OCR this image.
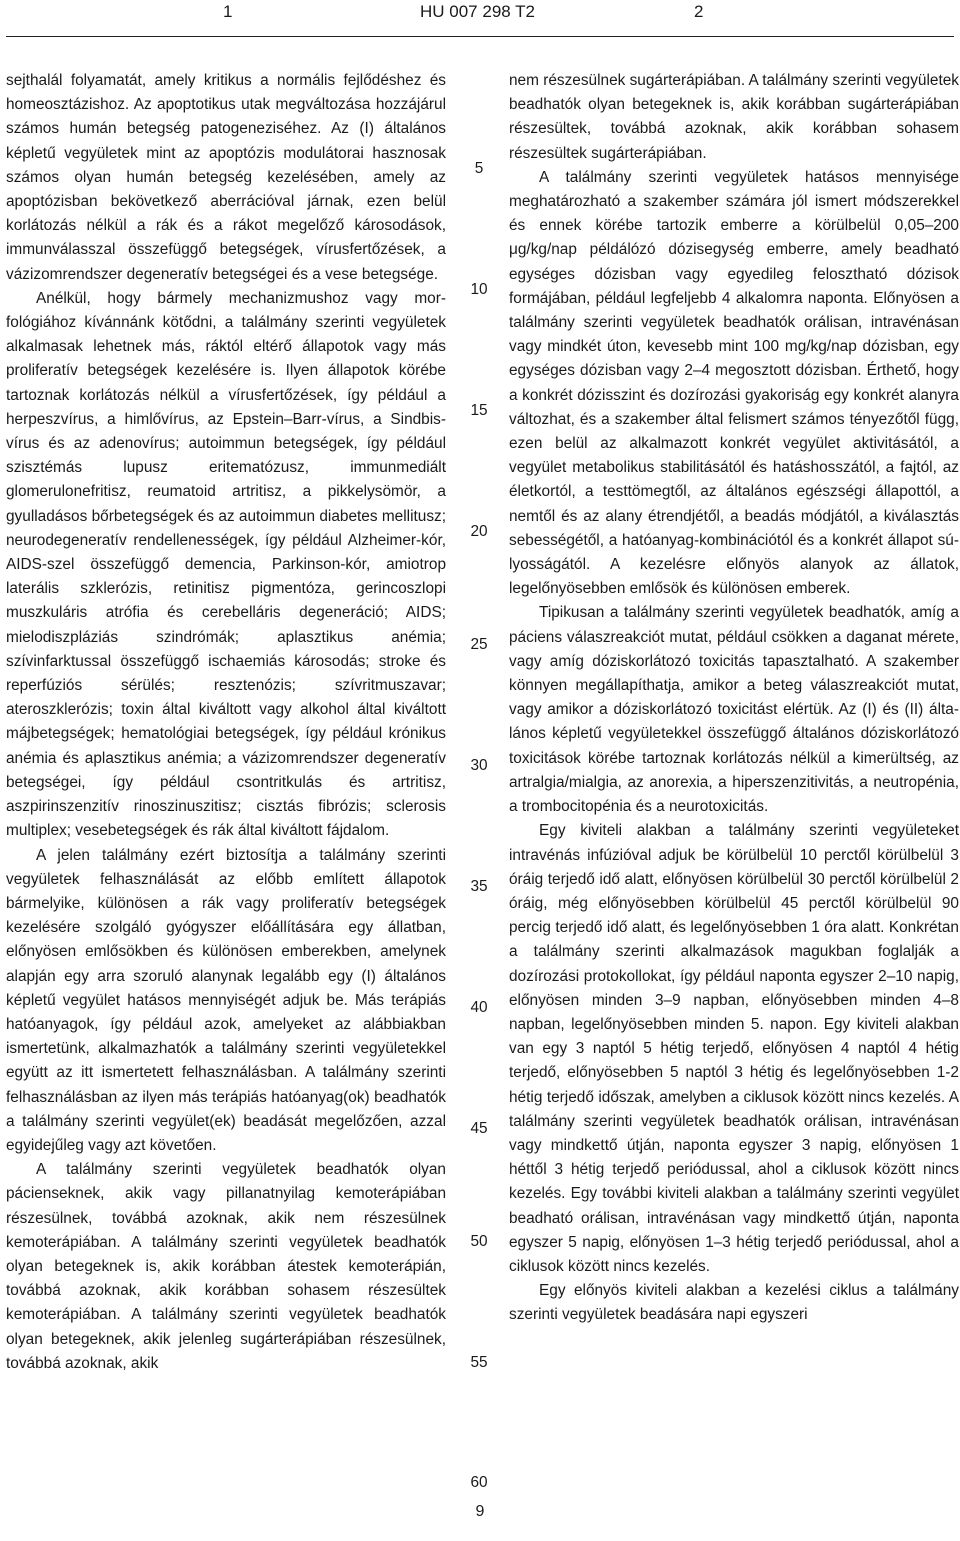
1	HU 007 298 T2	2

sejthalál folyamatát, amely kritikus a normális fejlődéshez és homeosztázishoz. Az apoptotikus utak megváltozása hozzájárul számos humán betegség patogeneziséhez. Az (I) általános képletű vegyületek mint az apoptózis modulátorai hasznosak számos olyan humán betegség kezelésében, amely az apoptózisban bekövetkező aberrációval járnak, ezen belül korlátozás nélkül a rák és a rákot megelőző károsodások, immunválasszal összefüggő betegségek, vírusfertőzések, a vázizomrendszer degeneratív betegségei és a vese betegsége.

Anélkül, hogy bármely mechanizmushoz vagy morfológiához kívánnánk kötődni, a találmány szerinti vegyületek alkalmasak lehetnek más, ráktól eltérő állapotok vagy más proliferatív betegségek kezelésére is. Ilyen állapotok körébe tartoznak korlátozás nélkül a vírusfertőzések, így például a herpeszvírus, a himlővírus, az Epstein–Barr-vírus, a Sindbis-vírus és az adenovírus; autoimmun betegségek, így például szisztémás lupusz eritematózusz, immunmediált glomerulonefritisz, reumatoid artritisz, a pikkelysömör, a gyulladásos bőrbetegségek és az autoimmun diabetes mellitusz; neurodegeneratív rendellenességek, így például Alzheimer-kór, AIDS-szel összefüggő demencia, Parkinson-kór, amiotrop laterális szklerózis, retinitisz pigmentóza, gerincoszlopi muszkuláris atrófia és cerebelláris degeneráció; AIDS; mielodiszpláziás szindrómák; aplasztikus anémia; szívinfarktussal összefüggő ischaemiás károsodás; stroke és reperfúziós sérülés; resztenózis; szívritmuszavar; ateroszklerózis; toxin által kiváltott vagy alkohol által kiváltott májbetegségek; hematológiai betegségek, így például krónikus anémia és aplasztikus anémia; a vázizomrendszer degeneratív betegségei, így például csontritkulás és artritisz, aszpirinszenzitív rinoszinuszitisz; cisztás fibrózis; sclerosis multiplex; vesebetegségek és rák által kiváltott fájdalom.

A jelen találmány ezért biztosítja a találmány szerinti vegyületek felhasználását az előbb említett állapotok bármelyike, különösen a rák vagy proliferatív betegségek kezelésére szolgáló gyógyszer előállítására egy állatban, előnyösen emlősökben és különösen emberekben, amelynek alapján egy arra szoruló alanynak legalább egy (I) általános képletű vegyület hatásos mennyiségét adjuk be. Más terápiás hatóanyagok, így például azok, amelyeket az alábbiakban ismertetünk, alkalmazhatók a találmány szerinti vegyületekkel együtt az itt ismertetett felhasználásban. A találmány szerinti felhasználásban az ilyen más terápiás hatóanyag(ok) beadhatók a találmány szerinti vegyület(ek) beadását megelőzően, azzal egyidejűleg vagy azt követően.

A találmány szerinti vegyületek beadhatók olyan pácienseknek, akik vagy pillanatnyilag kemoterápiában részesülnek, továbbá azoknak, akik nem részesülnek kemoterápiában. A találmány szerinti vegyületek beadhatók olyan betegeknek is, akik korábban átestek kemoterápián, továbbá azoknak, akik korábban sohasem részesültek kemoterápiában. A találmány szerinti vegyületek beadhatók olyan betegeknek, akik jelenleg sugárterápiában részesülnek, továbbá azoknak, akik

nem részesülnek sugárterápiában. A találmány szerinti vegyületek beadhatók olyan betegeknek is, akik korábban sugárterápiában részesültek, továbbá azoknak, akik korábban sohasem részesültek sugárterápiában.

A találmány szerinti vegyületek hatásos mennyisége meghatározható a szakember számára jól ismert módszerekkel és ennek körébe tartozik emberre a körülbelül 0,05–200 μg/kg/nap példálózó dózisegység emberre, amely beadható egységes dózisban vagy egyedileg felosztható dózisok formájában, például legfeljebb 4 alkalomra naponta. Előnyösen a találmány szerinti vegyületek beadhatók orálisan, intravénásan vagy mindkét úton, kevesebb mint 100 mg/kg/nap dózisban, egy egységes dózisban vagy 2–4 megosztott dózisban. Érthető, hogy a konkrét dózisszint és dozírozási gyakoriság egy konkrét alanyra változhat, és a szakember által felismert számos tényezőtől függ, ezen belül az alkalmazott konkrét vegyület aktivitásától, a vegyület metabolikus stabilitásától és hatáshosszától, a fajtól, az életkortól, a testtömegtől, az általános egészségi állapottól, a nemtől és az alany étrendjétől, a beadás módjától, a kiválasztás sebességétől, a hatóanyag-kombinációtól és a konkrét állapot súlyosságától. A kezelésre előnyös alanyok az állatok, legelőnyösebben emlősök és különösen emberek.

Tipikusan a találmány szerinti vegyületek beadhatók, amíg a páciens válaszreakciót mutat, például csökken a daganat mérete, vagy amíg dóziskorlátozó toxicitás tapasztalható. A szakember könnyen megállapíthatja, amikor a beteg válaszreakciót mutat, vagy amikor a dóziskorlátozó toxicitást elértük. Az (I) és (II) általános képletű vegyületekkel összefüggő általános dóziskorlátozó toxicitások körébe tartoznak korlátozás nélkül a kimerültség, az artralgia/mialgia, az anorexia, a hiperszenzitivitás, a neutropénia, a trombocitopénia és a neurotoxicitás.

Egy kiviteli alakban a találmány szerinti vegyületeket intravénás infúzióval adjuk be körülbelül 10 perctől körülbelül 3 óráig terjedő idő alatt, előnyösen körülbelül 30 perctől körülbelül 2 óráig, még előnyösebben körülbelül 45 perctől körülbelül 90 percig terjedő idő alatt, és legelőnyösebben 1 óra alatt. Konkrétan a találmány szerinti alkalmazások magukban foglalják a dozírozási protokollokat, így például naponta egyszer 2–10 napig, előnyösen minden 3–9 napban, előnyösebben minden 4–8 napban, legelőnyösebben minden 5. napon. Egy kiviteli alakban van egy 3 naptól 5 hétig terjedő, előnyösen 4 naptól 4 hétig terjedő, előnyösebben 5 naptól 3 hétig és legelőnyösebben 1-2 hétig terjedő időszak, amelyben a ciklusok között nincs kezelés. A találmány szerinti vegyületek beadhatók orálisan, intravénásan vagy mindkettő útján, naponta egyszer 3 napig, előnyösen 1 héttől 3 hétig terjedő periódussal, ahol a ciklusok között nincs kezelés. Egy további kiviteli alakban a találmány szerinti vegyület beadható orálisan, intravénásan vagy mindkettő útján, naponta egyszer 5 napig, előnyösen 1–3 hétig terjedő periódussal, ahol a ciklusok között nincs kezelés.

Egy előnyös kiviteli alakban a kezelési ciklus a találmány szerinti vegyületek beadására napi egyszeri

5
10
15
20
25
30
35
40
45
50
55
60
9
